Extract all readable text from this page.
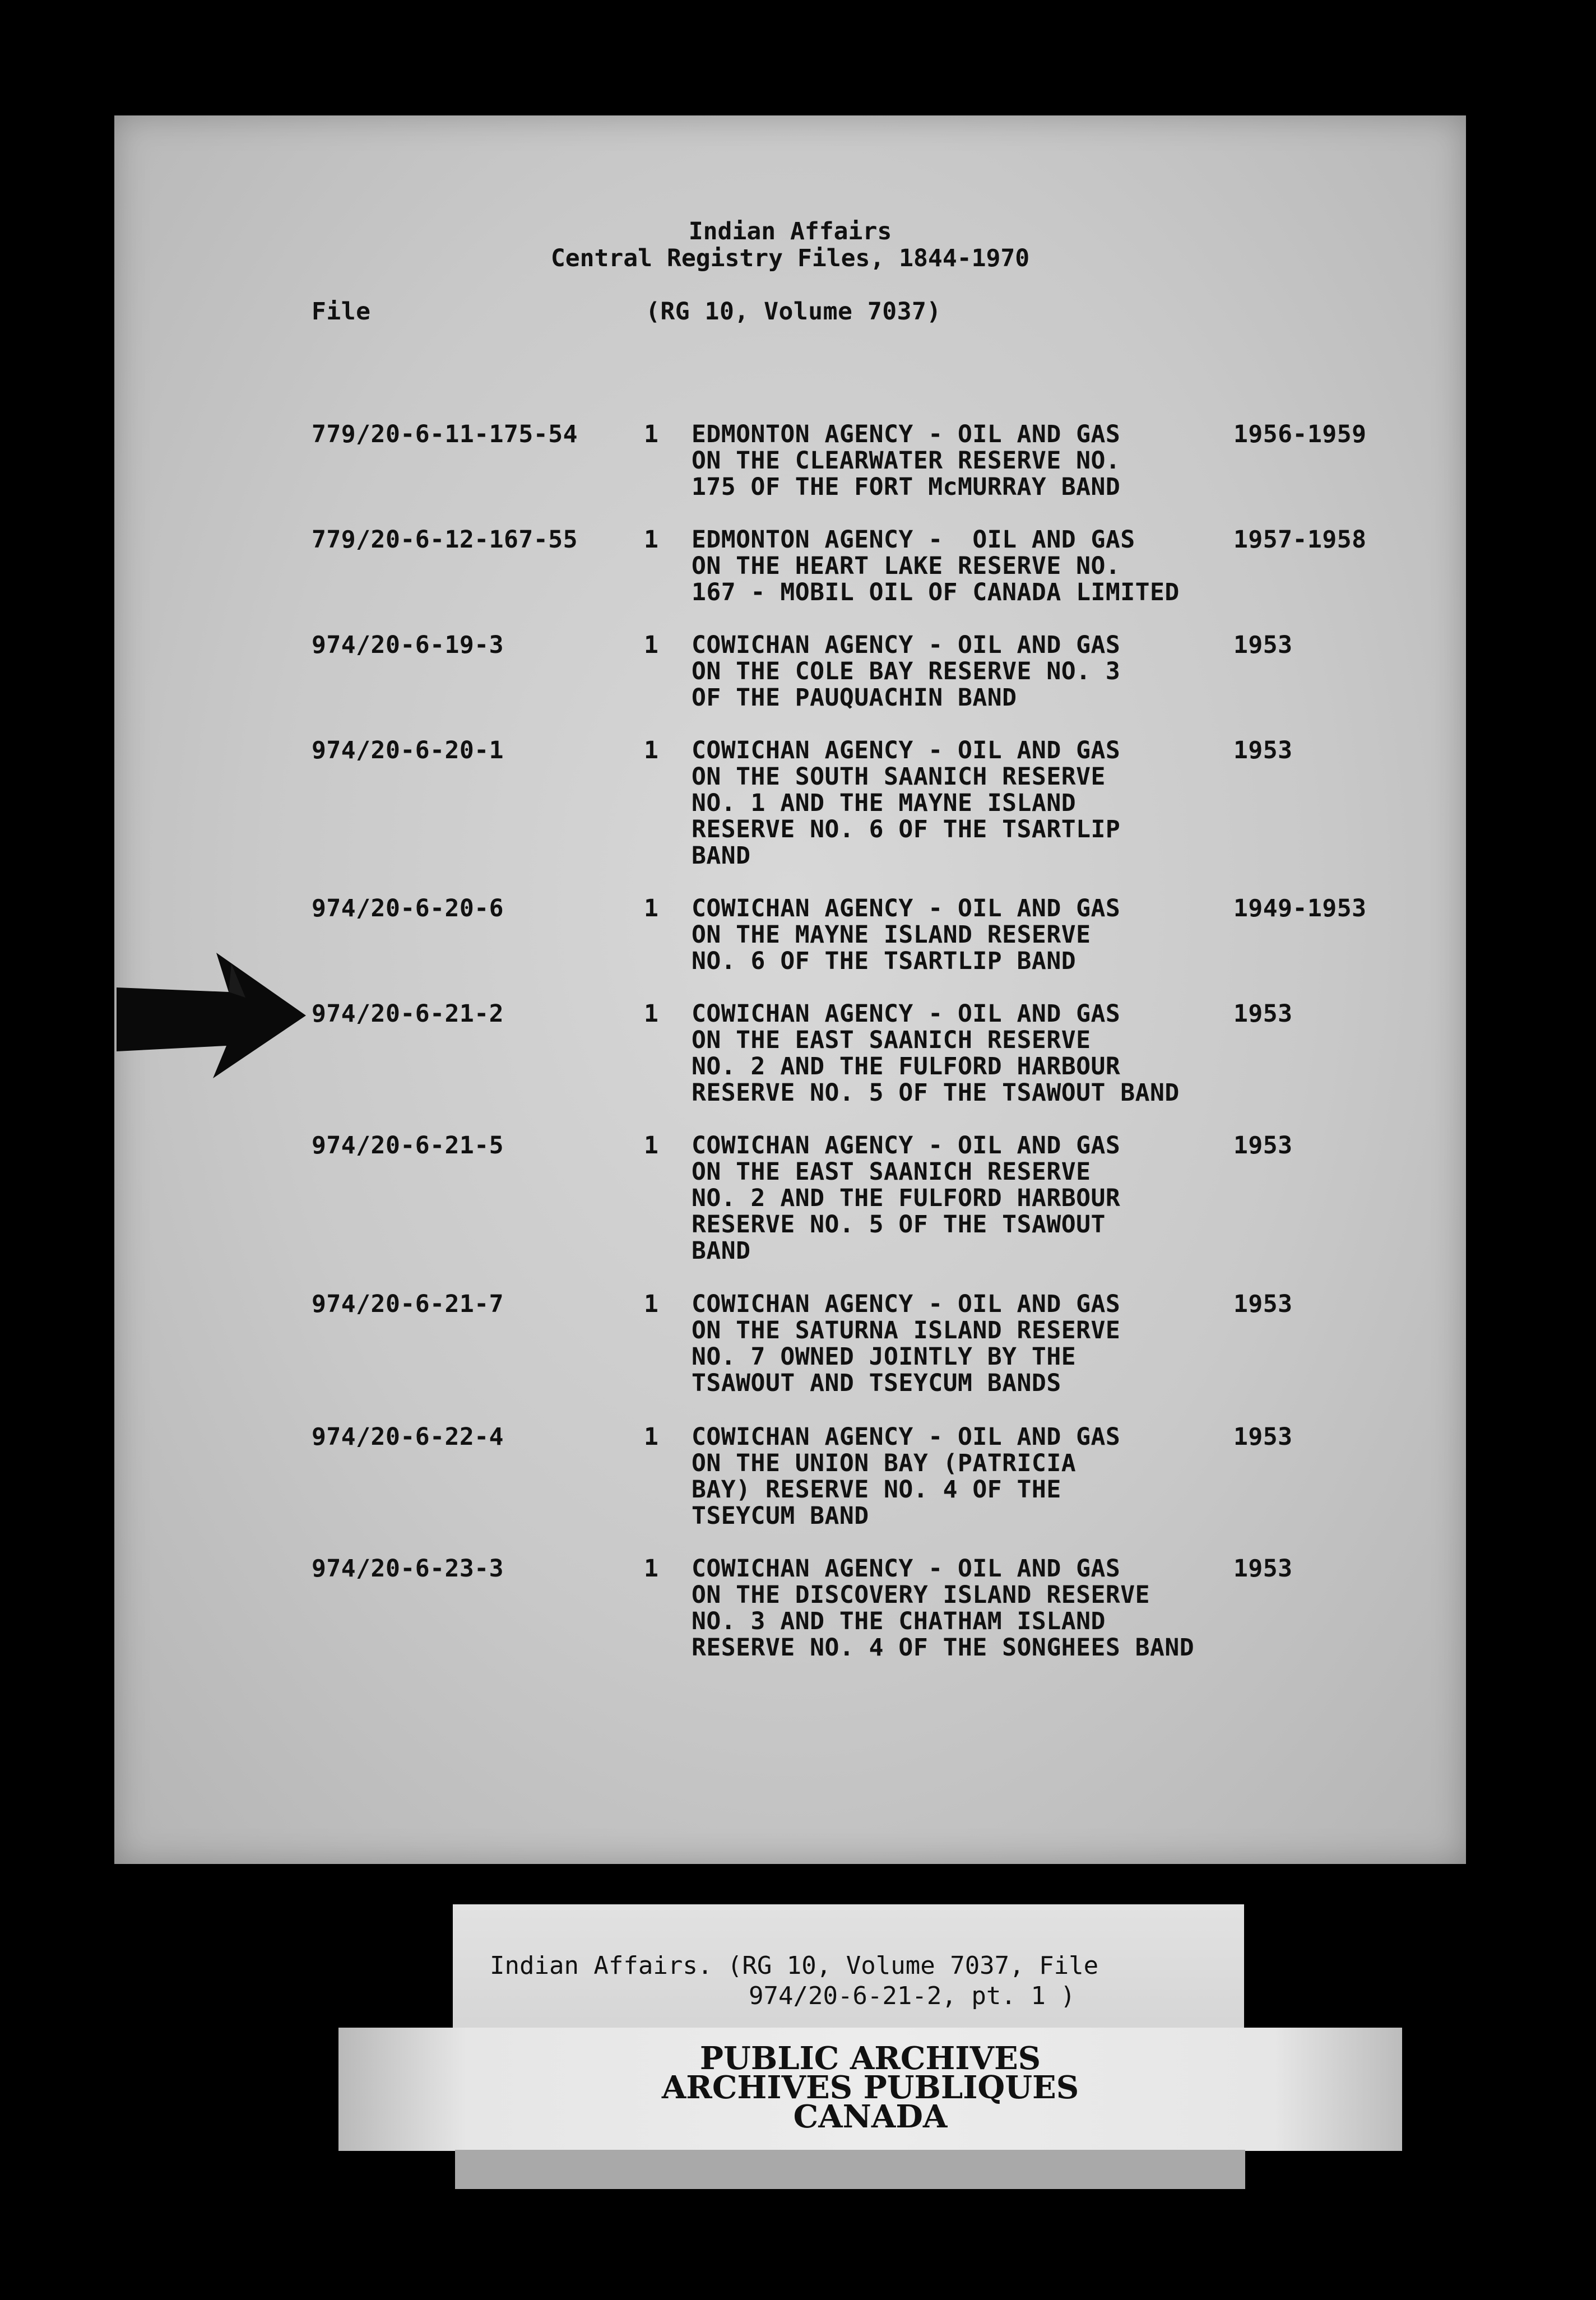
Indian Affairs
Central Registry Files, 1844-1970
File	(RG 10, Volume 7037)
779/20-6-11-175-54	1 EDMONTON AGENCY - OIL AND GAS
ON THE CLEARWATER RESERVE NO.
175 OF THE FORT McMURRAY BAND
1956-1959
779/20-6-12-167-55	1 EDMONTON AGENCY -  OIL AND GAS
ON THE HEART LAKE RESERVE NO.
167 - MOBIL OIL OF CANADA LIMITED
1957-1958
974/20-6-19-3	1 COWICHAN AGENCY - OIL AND GAS
ON THE COLE BAY RESERVE NO. 3
OF THE PAUQUACHIN BAND
1953
974/20-6-20-1	1 COWICHAN AGENCY - OIL AND GAS
ON THE SOUTH SAANICH RESERVE
NO. 1 AND THE MAYNE ISLAND
RESERVE NO. 6 OF THE TSARTLIP
BAND
1953
974/20-6-20-6	1 COWICHAN AGENCY - OIL AND GAS
ON THE MAYNE ISLAND RESERVE
NO. 6 OF THE TSARTLIP BAND
1949-1953
974/20-6-21-2	1 COWICHAN AGENCY - OIL AND GAS
ON THE EAST SAANICH RESERVE
NO. 2 AND THE FULFORD HARBOUR
RESERVE NO. 5 OF THE TSAWOUT BAND
1953
974/20-6-21-5	1 COWICHAN AGENCY - OIL AND GAS
ON THE EAST SAANICH RESERVE
NO. 2 AND THE FULFORD HARBOUR
RESERVE NO. 5 OF THE TSAWOUT
BAND
1953
974/20-6-21-7	1 COWICHAN AGENCY - OIL AND GAS
ON THE SATURNA ISLAND RESERVE
NO. 7 OWNED JOINTLY BY THE
TSAWOUT AND TSEYCUM BANDS
1953
974/20-6-22-4	1 COWICHAN AGENCY - OIL AND GAS
ON THE UNION BAY (PATRICIA
BAY) RESERVE NO. 4 OF THE
TSEYCUM BAND
1953
974/20-6-23-3	1 COWICHAN AGENCY - OIL AND GAS
ON THE DISCOVERY ISLAND RESERVE
NO. 3 AND THE CHATHAM ISLAND
RESERVE NO. 4 OF THE SONGHEES BAND
1953
Indian Affairs. (RG 10, Volume 7037, File
974/20-6-21-2, pt. 1 )
PUBLIC ARCHIVES
ARCHIVES PUBLIQUES
CANADA
